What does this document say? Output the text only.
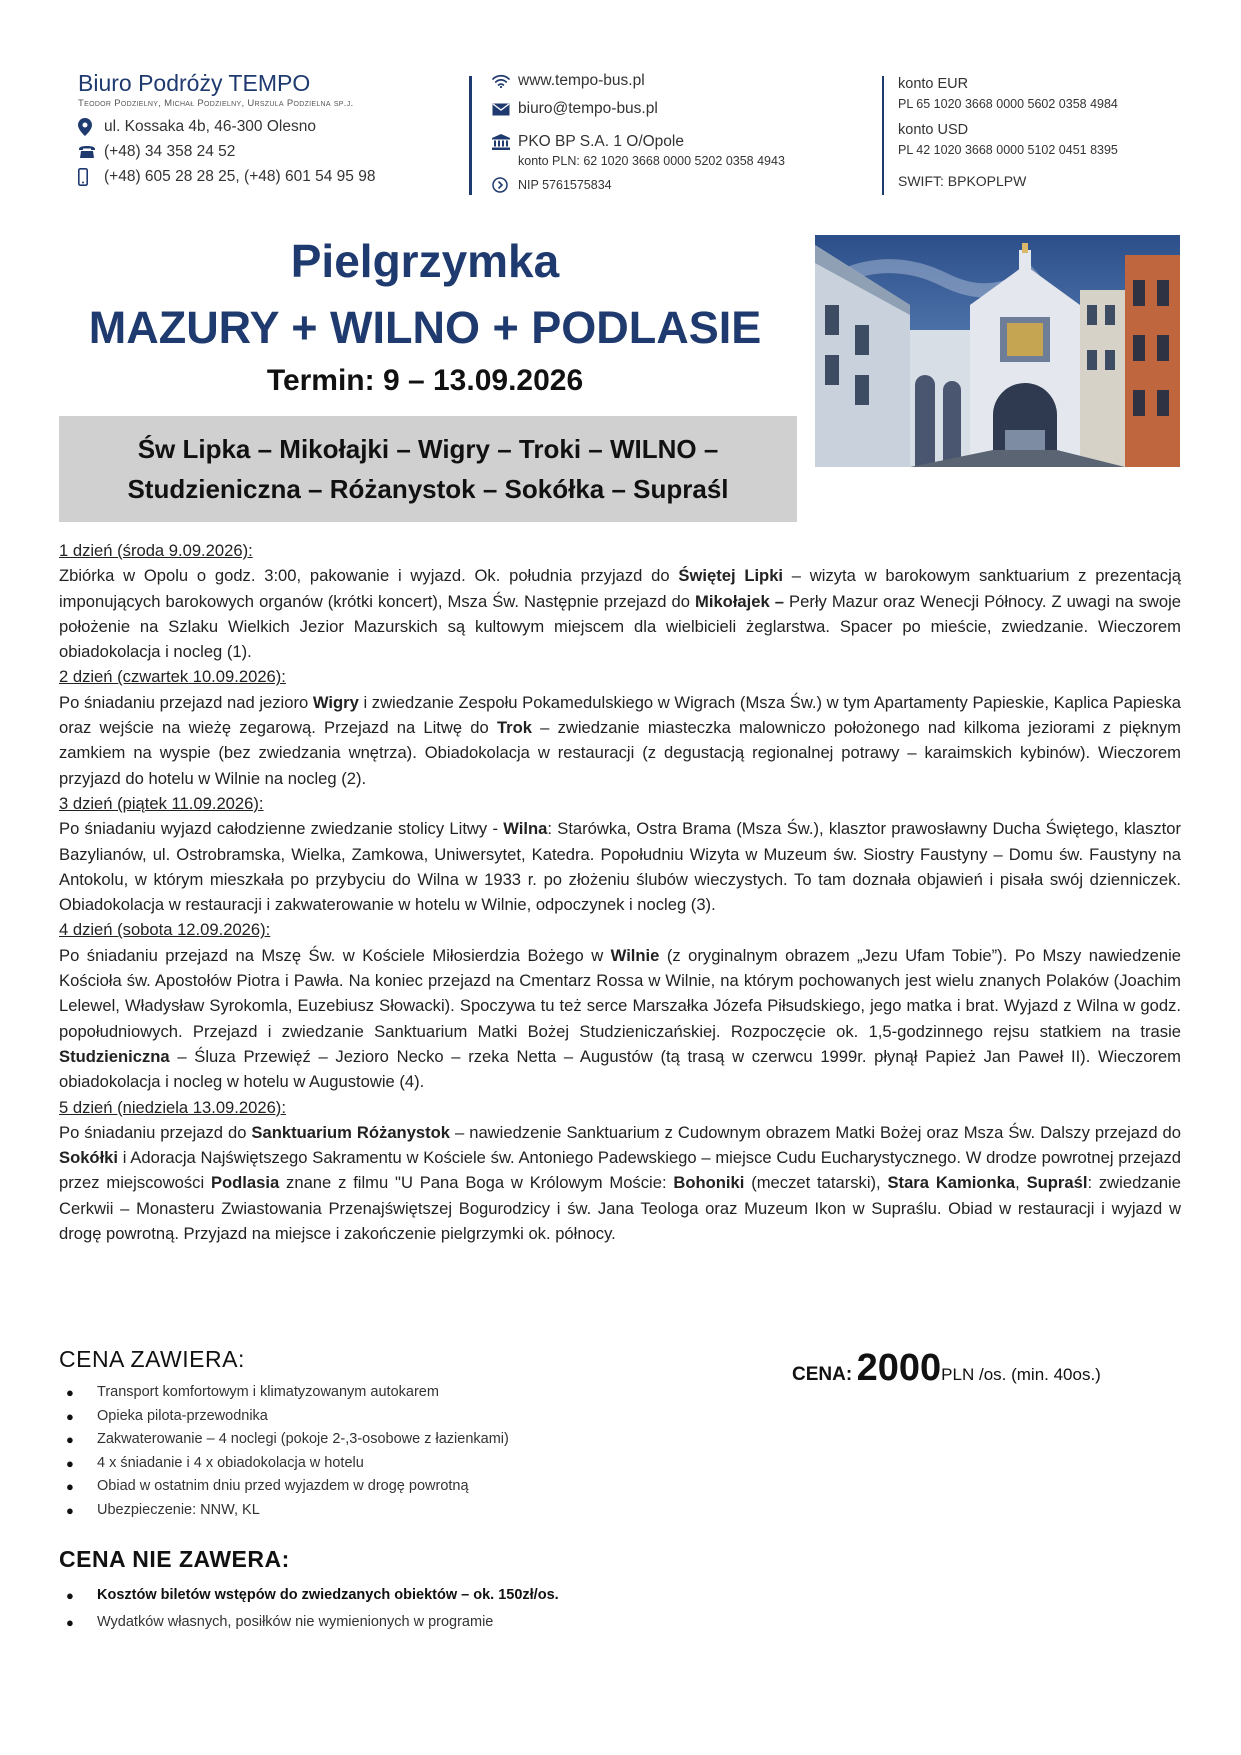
Biuro Podróży TEMPO
Teodor Podzielny, Michał Podzielny, Urszula Podzielna sp.j.
ul. Kossaka 4b, 46-300 Olesno
(+48) 34 358 24 52
(+48) 605 28 28 25, (+48) 601 54 95 98
www.tempo-bus.pl
biuro@tempo-bus.pl
PKO BP S.A. 1 O/Opole
konto PLN: 62 1020 3668 0000 5202 0358 4943
NIP 5761575834
konto EUR
PL 65 1020 3668 0000 5602 0358 4984
konto USD
PL 42 1020 3668 0000 5102 0451 8395
SWIFT: BPKOPLPW
Pielgrzymka
MAZURY + WILNO + PODLASIE
Termin: 9 – 13.09.2026
Św Lipka – Mikołajki – Wigry – Troki – WILNO –
Studzieniczna – Różanystok – Sokółka – Supraśl
1 dzień (środa 9.09.2026):
Zbiórka w Opolu o godz. 3:00, pakowanie i wyjazd. Ok. południa przyjazd do Świętej Lipki – wizyta w barokowym sanktuarium z prezentacją imponujących barokowych organów (krótki koncert), Msza Św. Następnie przejazd do Mikołajek – Perły Mazur oraz Wenecji Północy. Z uwagi na swoje położenie na Szlaku Wielkich Jezior Mazurskich są kultowym miejscem dla wielbicieli żeglarstwa. Spacer po mieście, zwiedzanie. Wieczorem obiadokolacja i nocleg (1).
2 dzień (czwartek 10.09.2026):
Po śniadaniu przejazd nad jezioro Wigry i zwiedzanie Zespołu Pokamedulskiego w Wigrach (Msza Św.) w tym Apartamenty Papieskie, Kaplica Papieska oraz wejście na wieżę zegarową. Przejazd na Litwę do Trok – zwiedzanie miasteczka malowniczo położonego nad kilkoma jeziorami z pięknym zamkiem na wyspie (bez zwiedzania wnętrza). Obiadokolacja w restauracji (z degustacją regionalnej potrawy – karaimskich kybinów). Wieczorem przyjazd do hotelu w Wilnie na nocleg (2).
3 dzień (piątek 11.09.2026):
Po śniadaniu wyjazd całodzienne zwiedzanie stolicy Litwy - Wilna: Starówka, Ostra Brama (Msza Św.), klasztor prawosławny Ducha Świętego, klasztor Bazylianów, ul. Ostrobramska, Wielka, Zamkowa, Uniwersytet, Katedra. Popołudniu Wizyta w Muzeum św. Siostry Faustyny – Domu św. Faustyny na Antokolu, w którym mieszkała po przybyciu do Wilna w 1933 r. po złożeniu ślubów wieczystych. To tam doznała objawień i pisała swój dzienniczek. Obiadokolacja w restauracji i zakwaterowanie w hotelu w Wilnie, odpoczynek i nocleg (3).
4 dzień (sobota 12.09.2026):
Po śniadaniu przejazd na Mszę Św. w Kościele Miłosierdzia Bożego w Wilnie (z oryginalnym obrazem „Jezu Ufam Tobie”). Po Mszy nawiedzenie Kościoła św. Apostołów Piotra i Pawła. Na koniec przejazd na Cmentarz Rossa w Wilnie, na którym pochowanych jest wielu znanych Polaków (Joachim Lelewel, Władysław Syrokomla, Euzebiusz Słowacki). Spoczywa tu też serce Marszałka Józefa Piłsudskiego, jego matka i brat. Wyjazd z Wilna w godz. popołudniowych. Przejazd i zwiedzanie Sanktuarium Matki Bożej Studzieniczańskiej. Rozpoczęcie ok. 1,5-godzinnego rejsu statkiem na trasie Studzieniczna – Śluza Przewięź – Jezioro Necko – rzeka Netta – Augustów (tą trasą w czerwcu 1999r. płynął Papież Jan Paweł II). Wieczorem obiadokolacja i nocleg w hotelu w Augustowie (4).
5 dzień (niedziela 13.09.2026):
Po śniadaniu przejazd do Sanktuarium Różanystok – nawiedzenie Sanktuarium z Cudownym obrazem Matki Bożej oraz Msza Św. Dalszy przejazd do Sokółki i Adoracja Najświętszego Sakramentu w Kościele św. Antoniego Padewskiego – miejsce Cudu Eucharystycznego. W drodze powrotnej przejazd przez miejscowości Podlasia znane z filmu "U Pana Boga w Królowym Moście: Bohoniki (meczet tatarski), Stara Kamionka, Supraśl: zwiedzanie Cerkwii – Monasteru Zwiastowania Przenajświętszej Bogurodzicy i św. Jana Teologa oraz Muzeum Ikon w Supraślu. Obiad w restauracji i wyjazd w drogę powrotną. Przyjazd na miejsce i zakończenie pielgrzymki ok. północy.
CENA ZAWIERA:
● Transport komfortowym i klimatyzowanym autokarem
● Opieka pilota-przewodnika
● Zakwaterowanie – 4 noclegi (pokoje 2-,3-osobowe z łazienkami)
● 4 x śniadanie i 4 x obiadokolacja w hotelu
● Obiad w ostatnim dniu przed wyjazdem w drogę powrotną
● Ubezpieczenie: NNW, KL
CENA: 2000PLN /os. (min. 40os.)
CENA NIE ZAWERA:
● Kosztów biletów wstępów do zwiedzanych obiektów – ok. 150zł/os.
● Wydatków własnych, posiłków nie wymienionych w programie
